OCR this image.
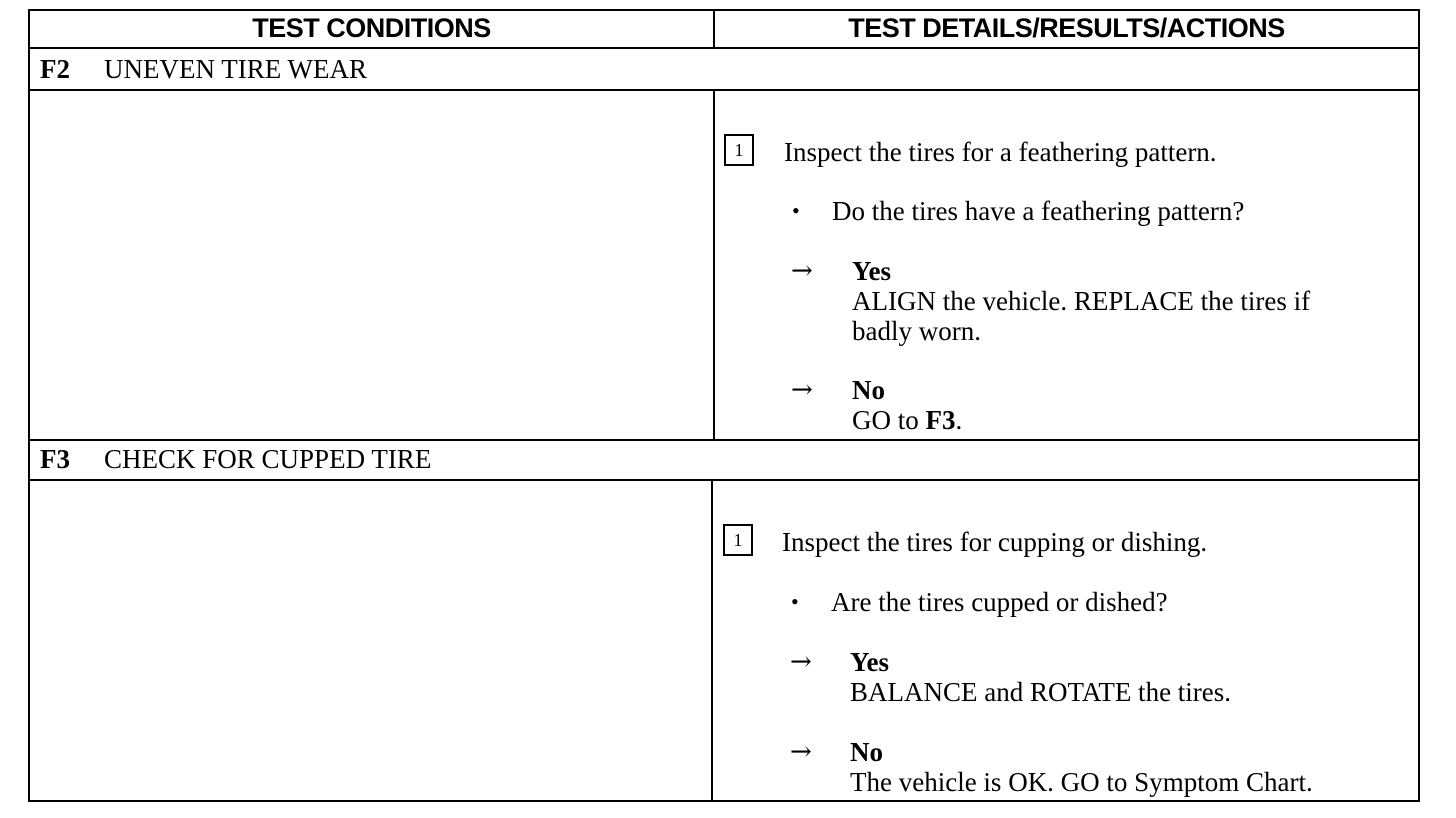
TEST CONDITIONS	TEST DETAILS/RESULTS/ACTIONS
F2 UNEVEN TIRE WEAR
1	Inspect the tires for a feathering pattern.
• Do the tires have a feathering pattern?
→ Yes
ALIGN the vehicle. REPLACE the tires if
badly worn.
→ No
GO to F3.
F3 CHECK FOR CUPPED TIRE
1	Inspect the tires for cupping or dishing.
• Are the tires cupped or dished?
→ Yes
BALANCE and ROTATE the tires.
→ No
The vehicle is OK. GO to Symptom Chart.
